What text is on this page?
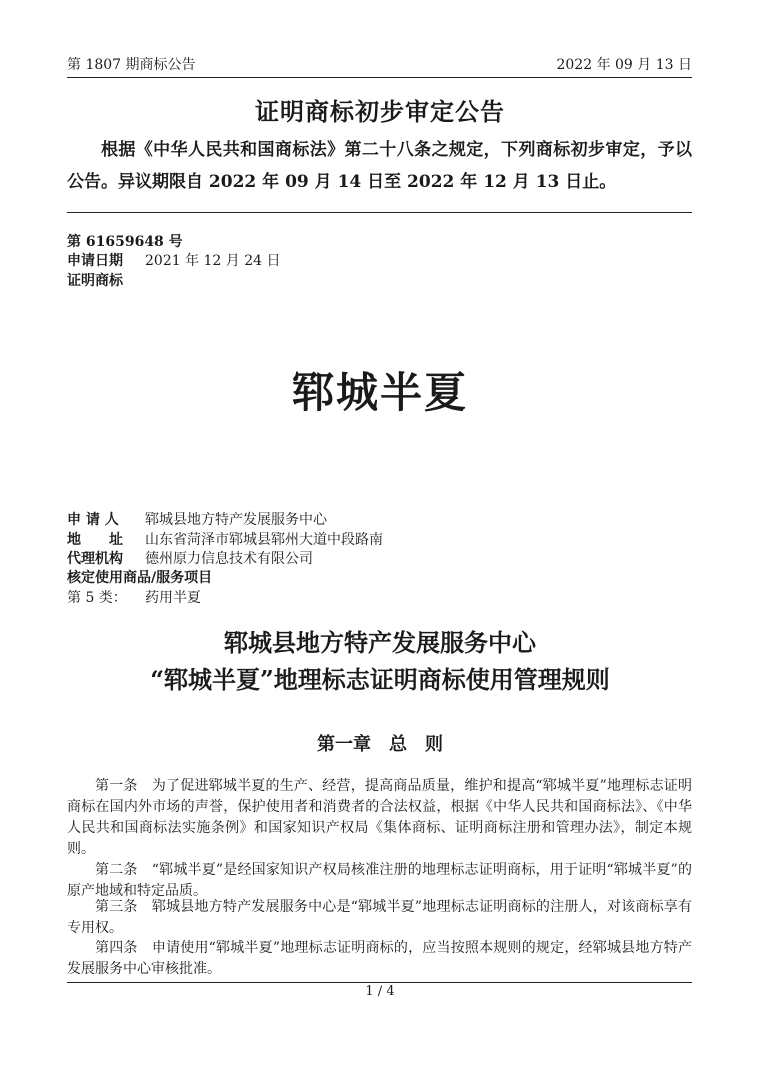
第 1807 期商标公告	2022 年 09 月 13 日
证明商标初步审定公告
根据《中华人民共和国商标法》第二十八条之规定，下列商标初步审定，予以公告。异议期限自 2022 年 09 月 14 日至 2022 年 12 月 13 日止。
第 61659648 号
申请日期 2021 年 12 月 24 日
证明商标
郓城半夏
申 请 人 郓城县地方特产发展服务中心
地　　址 山东省菏泽市郓城县郓州大道中段路南
代理机构 德州原力信息技术有限公司
核定使用商品/服务项目
第 5 类： 药用半夏
郓城县地方特产发展服务中心
“郓城半夏”地理标志证明商标使用管理规则
第一章　总　则
第一条　为了促进郓城半夏的生产、经营，提高商品质量，维护和提高“郓城半夏”地理标志证明商标在国内外市场的声誉，保护使用者和消费者的合法权益，根据《中华人民共和国商标法》、《中华人民共和国商标法实施条例》和国家知识产权局《集体商标、证明商标注册和管理办法》，制定本规则。
第二条　“郓城半夏”是经国家知识产权局核准注册的地理标志证明商标，用于证明“郓城半夏”的原产地域和特定品质。
第三条　郓城县地方特产发展服务中心是“郓城半夏”地理标志证明商标的注册人，对该商标享有专用权。
第四条　申请使用“郓城半夏”地理标志证明商标的，应当按照本规则的规定，经郓城县地方特产发展服务中心审核批准。
1 / 4
